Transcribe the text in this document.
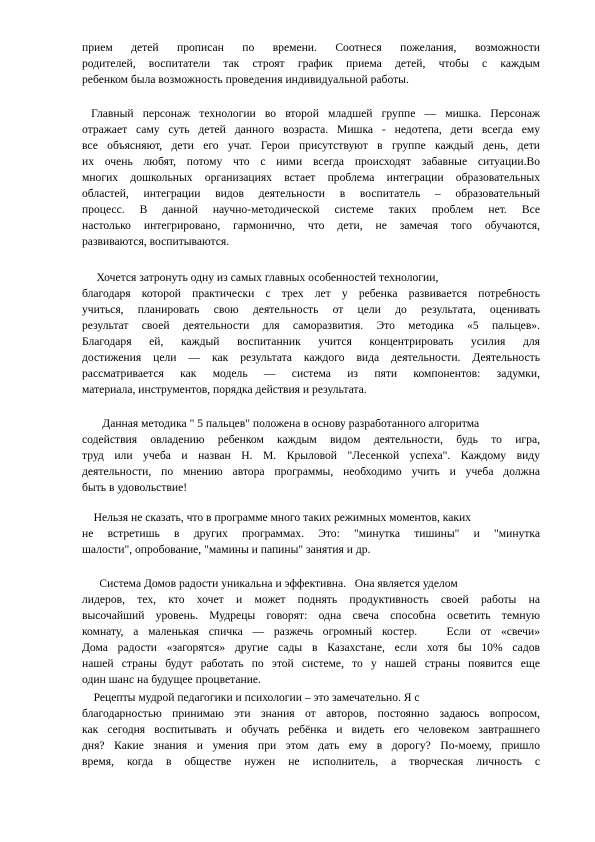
прием детей прописан по времени. Соотнеся пожелания, возможности
родителей, воспитатели так строят график приема детей, чтобы с каждым
ребенком была возможность проведения индивидуальной работы.
Главный персонаж технологии во второй младшей группе — мишка. Персонаж
отражает саму суть детей данного возраста. Мишка - недотепа, дети всегда ему
все объясняют, дети его учат. Герои присутствуют в группе каждый день, дети
их очень любят, потому что с ними всегда происходят забавные ситуации.Во
многих дошкольных организациях встает проблема интеграции образовательных
областей, интеграции видов деятельности в воспитатель – образовательный
процесс. В данной научно-методической системе таких проблем нет. Все
настолько интегрировано, гармонично, что дети, не замечая того обучаются,
развиваются, воспитываются.
Хочется затронуть одну из самых главных особенностей технологии,
благодаря которой практически с трех лет у ребенка развивается потребность
учиться, планировать свою деятельность от цели до результата, оценивать
результат своей деятельности для саморазвития. Это методика «5 пальцев».
Благодаря ей, каждый воспитанник учится концентрировать усилия для
достижения цели — как результата каждого вида деятельности. Деятельность
рассматривается как модель — система из пяти компонентов: задумки,
материала, инструментов, порядка действия и результата.
Данная методика " 5 пальцев" положена в основу разработанного алгоритма
содействия овладению ребенком каждым видом деятельности, будь то игра,
труд или учеба и назван Н. М. Крыловой "Лесенкой успеха". Каждому виду
деятельности, по мнению автора программы, необходимо учить и учеба должна
быть в удовольствие!
Нельзя не сказать, что в программе много таких режимных моментов, каких
не встретишь в других программах. Это: "минутка тишины" и "минутка
шалости", опробование, "мамины и папины" занятия и др.
Система Домов радости уникальна и эффективна.   Она является уделом
лидеров, тех, кто хочет и может поднять продуктивность своей работы на
высочайший уровень. Мудрецы говорят: одна свеча способна осветить темную
комнату, а маленькая спичка — разжечь огромный костер.   Если от «свечи»
Дома радости «загорятся» другие сады в Казахстане, если хотя бы 10% садов
нашей страны будут работать по этой системе, то у нашей страны появится еще
один шанс на будущее процветание.
Рецепты мудрой педагогики и психологии – это замечательно. Я с
благодарностью принимаю эти знания от авторов, постоянно задаюсь вопросом,
как сегодня воспитывать и обучать ребёнка и видеть его человеком завтрашнего
дня? Какие знания и умения при этом дать ему в дорогу? По-моему, пришло
время, когда в обществе нужен не исполнитель, а творческая личность с
